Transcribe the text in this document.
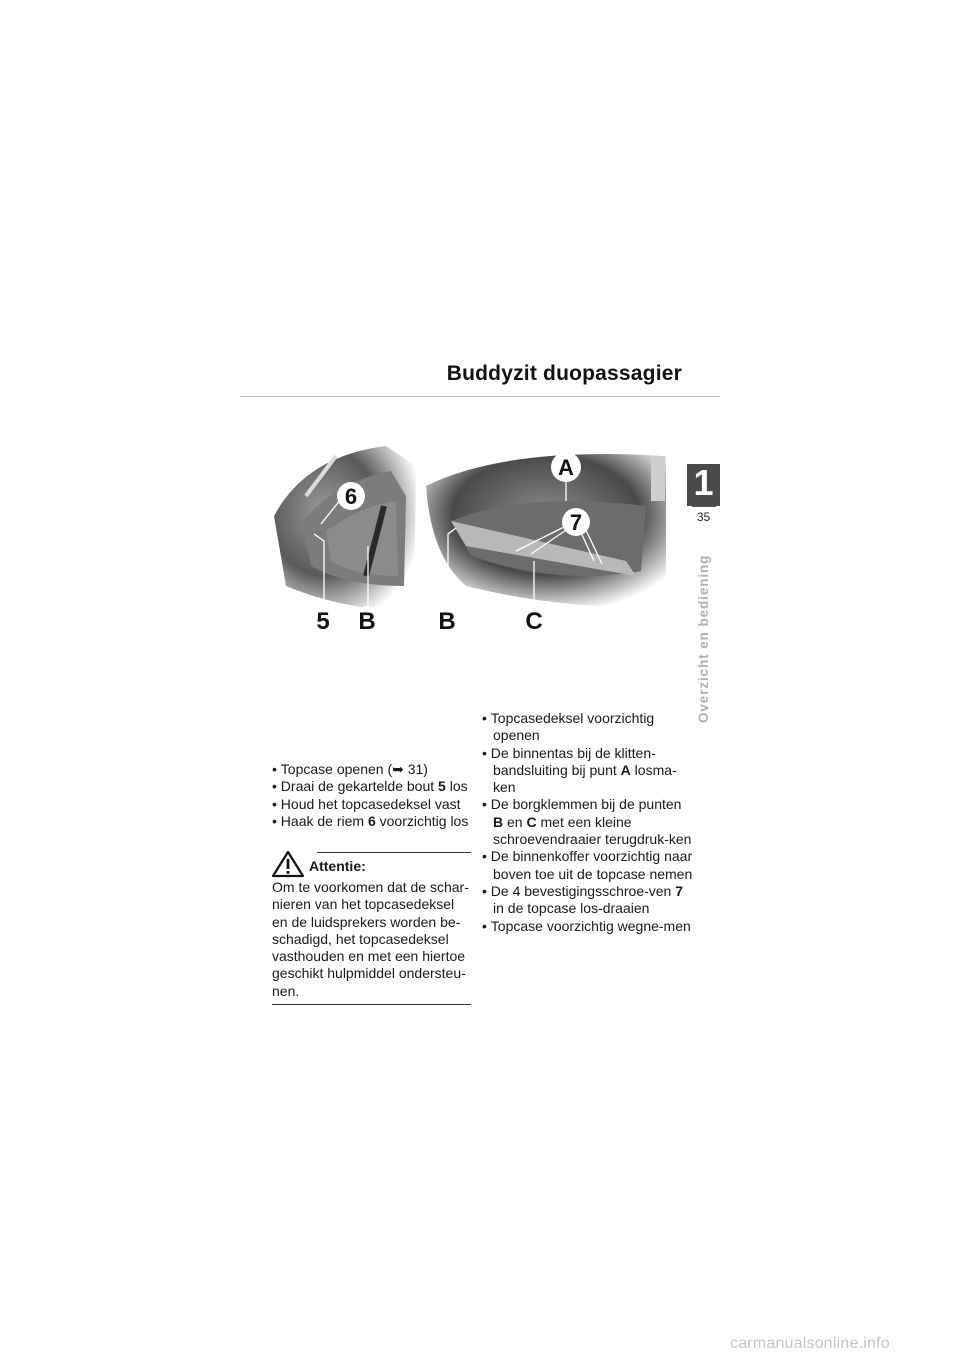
Buddyzit duopassagier
1
35
Overzicht en bediening
A
6
7
5 B	B	C

• Topcase openen (➥ 31)

• Draai de gekartelde bout 5 los

• Houd het topcasedeksel vast

• Haak de riem 6 voorzichtig los

Attentie:

Om te voorkomen dat de schar-nieren van het topcasedeksel en de luidsprekers worden be-schadigd, het topcasedeksel vasthouden en met een hiertoe geschikt hulpmiddel ondersteu-nen.

• Topcasedeksel voorzichtig openen

• De binnentas bij de klitten-bandsluiting bij punt A losma-ken

• De borgklemmen bij de punten B en C met een kleine schroevendraaier terugdruk-ken

• De binnenkoffer voorzichtig naar boven toe uit de topcase nemen

• De 4 bevestigingsschroe-ven 7 in de topcase los-draaien

• Topcase voorzichtig wegne-men

carmanualsonline.info
